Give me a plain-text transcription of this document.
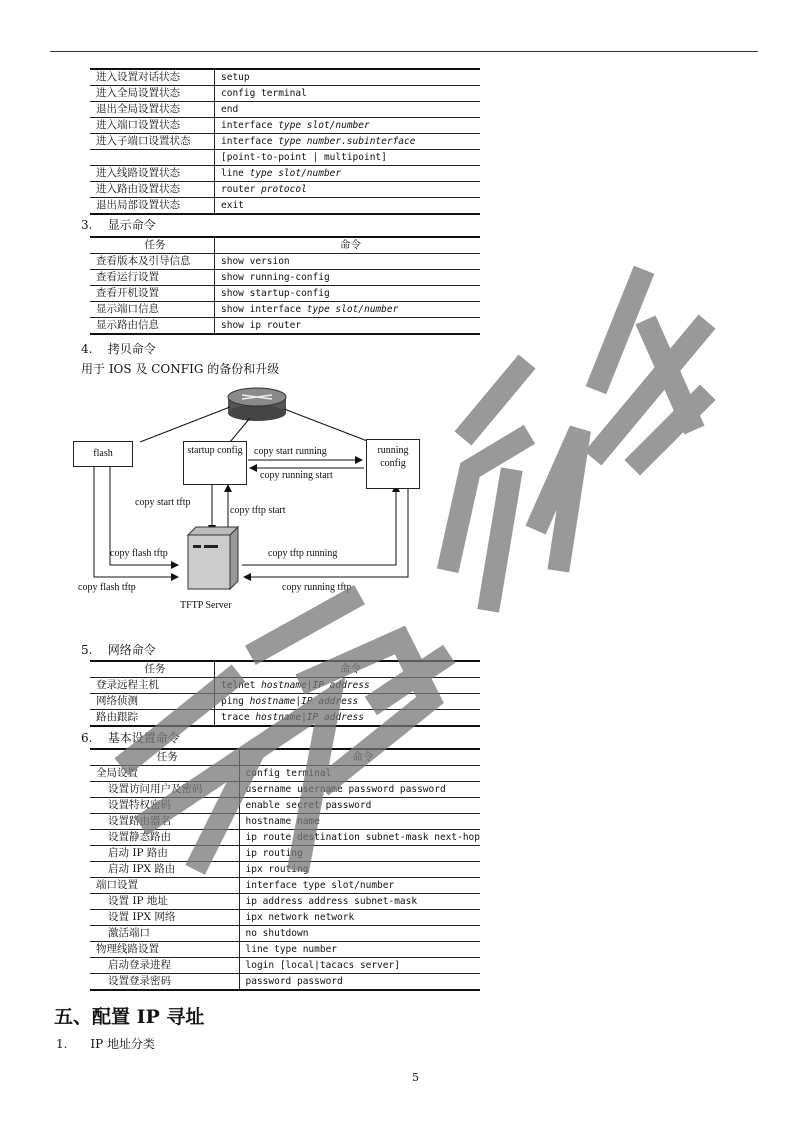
进入设置对话状态	setup
进入全局设置状态	config terminal
退出全局设置状态	end
进入端口设置状态	interface type slot/number
进入子端口设置状态	interface type number.subinterface
	[point-to-point | multipoint]
进入线路设置状态	line type slot/number
进入路由设置状态	router protocol
退出局部设置状态	exit
3. 显示命令
任务	命令
查看版本及引导信息	show version
查看运行设置	show running-config
查看开机设置	show startup-config
显示端口信息	show interface type slot/number
显示路由信息	show ip router
4. 拷贝命令
用于 IOS 及 CONFIG 的备份和升级
flash	startup config	running config
copy start running
copy running start
copy start tftp
copy tftp start
copy flash tftp	copy tftp running
copy flash tftp	copy running tftp
TFTP Server
5. 网络命令
任务	命令
登录远程主机	telnet hostname|IP address
网络侦测	ping hostname|IP address
路由跟踪	trace hostname|IP address
6. 基本设置命令
任务	命令
全局设置	config terminal
设置访问用户及密码	username username password password
设置特权密码	enable secret password
设置路由器名	hostname name
设置静态路由	ip route destination subnet-mask next-hop
启动 IP 路由	ip routing
启动 IPX 路由	ipx routing
端口设置	interface type slot/number
设置 IP 地址	ip address address subnet-mask
设置 IPX 网络	ipx network network
激活端口	no shutdown
物理线路设置	line type number
启动登录进程	login [local|tacacs server]
设置登录密码	password password
五、配置 IP 寻址
1. IP 地址分类
5
